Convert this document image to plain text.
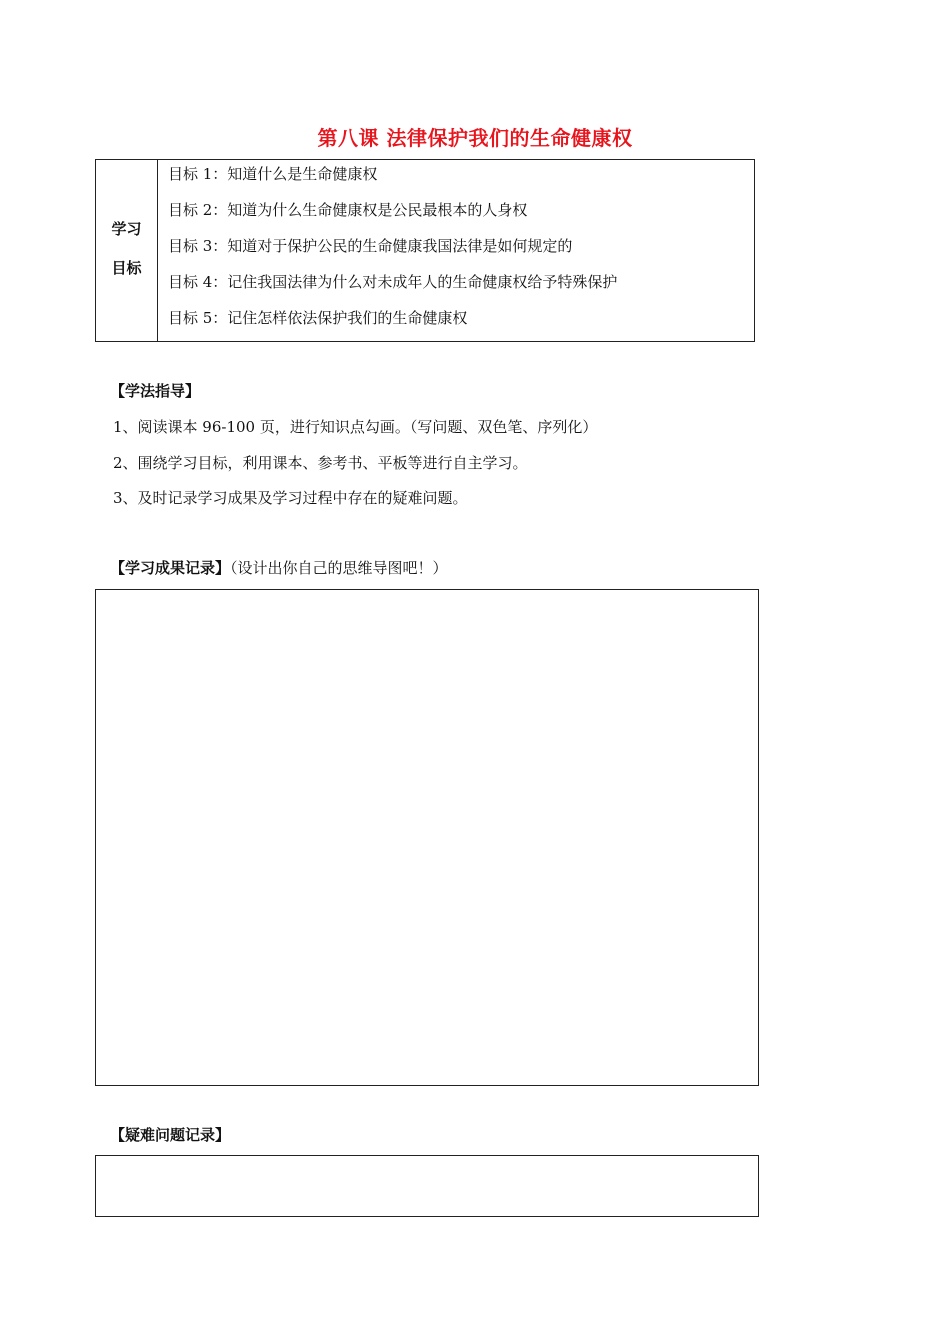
第八课 法律保护我们的生命健康权
学习
目标
目标 1：知道什么是生命健康权
目标 2：知道为什么生命健康权是公民最根本的人身权
目标 3：知道对于保护公民的生命健康我国法律是如何规定的
目标 4：记住我国法律为什么对未成年人的生命健康权给予特殊保护
目标 5：记住怎样依法保护我们的生命健康权
【学法指导】
1、阅读课本 96-100 页，进行知识点勾画。（写问题、双色笔、序列化）
2、围绕学习目标，利用课本、参考书、平板等进行自主学习。
3、及时记录学习成果及学习过程中存在的疑难问题。
【学习成果记录】（设计出你自己的思维导图吧！）
【疑难问题记录】
